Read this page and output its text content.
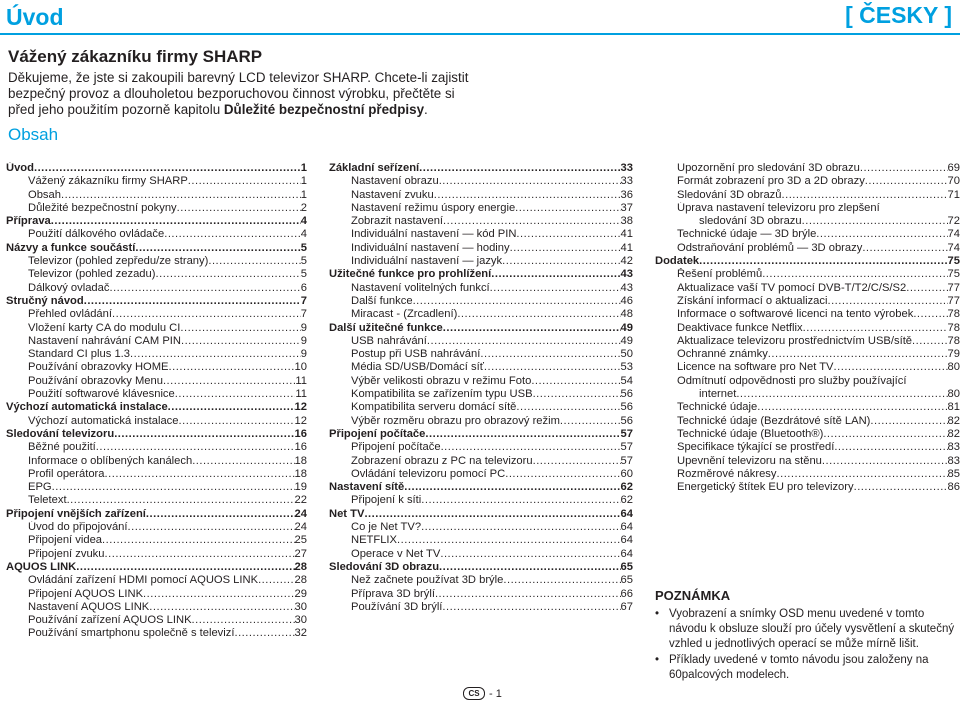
Úvod	[ ČESKY ]
Vážený zákazníku firmy SHARP
Děkujeme, že jste si zakoupili barevný LCD televizor SHARP. Chcete-li zajistit bezpečný provoz a dlouholetou bezporuchovou činnost výrobku, přečtěte si před jeho použitím pozorně kapitolu Důležité bezpečnostní předpisy.
Obsah
Úvod .....	1
Vážený zákazníku firmy SHARP .....	1
Obsah .....	1
Důležité bezpečnostní pokyny .....	2
Příprava .....	4
Použití dálkového ovládače .....	4
Názvy a funkce součástí .....	5
Televizor (pohled zepředu/ze strany) .....	5
Televizor (pohled zezadu) .....	5
Dálkový ovladač .....	6
Stručný návod .....	7
Přehled ovládání .....	7
Vložení karty CA do modulu CI .....	9
Nastavení nahrávání CAM PIN .....	9
Standard CI plus 1.3 .....	9
Používání obrazovky HOME .....	10
Používání obrazovky Menu .....	11
Použití softwarové klávesnice .....	11
Výchozí automatická instalace .....	12
Výchozí automatická instalace .....	12
Sledování televizoru .....	16
Běžné použití .....	16
Informace o oblíbených kanálech .....	18
Profil operátora .....	18
EPG .....	19
Teletext .....	22
Připojení vnějších zařízení .....	24
Úvod do připojování .....	24
Připojení videa .....	25
Připojení zvuku .....	27
AQUOS LINK .....	28
Ovládání zařízení HDMI pomocí AQUOS LINK .....	28
Připojení AQUOS LINK .....	29
Nastavení AQUOS LINK .....	30
Používání zařízení AQUOS LINK .....	30
Používání smartphonu společně s televizí .....	32
Základní seřízení .....	33
Nastavení obrazu .....	33
Nastavení zvuku .....	36
Nastavení režimu úspory energie .....	37
Zobrazit nastavení .....	38
Individuální nastavení — kód PIN .....	41
Individuální nastavení — hodiny .....	41
Individuální nastavení — jazyk .....	42
Užitečné funkce pro prohlížení .....	43
Nastavení volitelných funkcí .....	43
Další funkce .....	46
Miracast - (Zrcadlení) .....	48
Další užitečné funkce .....	49
USB nahrávání .....	49
Postup při USB nahrávání .....	50
Média SD/USB/Domácí síť .....	53
Výběr velikosti obrazu v režimu Foto .....	54
Kompatibilita se zařízením typu USB .....	56
Kompatibilita serveru domácí sítě .....	56
Výběr rozměru obrazu pro obrazový režim .....	56
Připojení počítače .....	57
Připojení počítače .....	57
Zobrazení obrazu z PC na televizoru .....	57
Ovládání televizoru pomocí PC .....	60
Nastavení sítě .....	62
Připojení k síti .....	62
Net TV .....	64
Co je Net TV? .....	64
NETFLIX .....	64
Operace v Net TV .....	64
Sledování 3D obrazu .....	65
Než začnete používat 3D brýle .....	65
Příprava 3D brýlí .....	66
Používání 3D brýlí .....	67
Upozornění pro sledování 3D obrazu .....	69
Formát zobrazení pro 3D a 2D obrazy .....	70
Sledování 3D obrazů .....	71
Úprava nastavení televizoru pro zlepšení
sledování 3D obrazu .....	72
Technické údaje — 3D brýle .....	74
Odstraňování problémů — 3D obrazy .....	74
Dodatek .....	75
Řešení problémů .....	75
Aktualizace vaší TV pomocí DVB-T/T2/C/S/S2 .....	77
Získání informací o aktualizaci .....	77
Informace o softwarové licenci na tento výrobek .....	78
Deaktivace funkce Netflix .....	78
Aktualizace televizoru prostřednictvím USB/sítě .....	78
Ochranné známky .....	79
Licence na software pro Net TV .....	80
Odmítnutí odpovědnosti pro služby používající
internet .....	80
Technické údaje .....	81
Technické údaje (Bezdrátové sítě LAN) .....	82
Technické údaje (Bluetooth®) .....	82
Specifikace týkající se prostředí .....	83
Upevnění televizoru na stěnu .....	83
Rozměrové nákresy .....	85
Energetický štítek EU pro televizory .....	86
POZNÁMKA
• Vyobrazení a snímky OSD menu uvedené v tomto návodu k obsluze slouží pro účely vysvětlení a skutečný vzhled u jednotlivých operací se může mírně lišit.
• Příklady uvedené v tomto návodu jsou založeny na 60palcových modelech.
CS - 1
